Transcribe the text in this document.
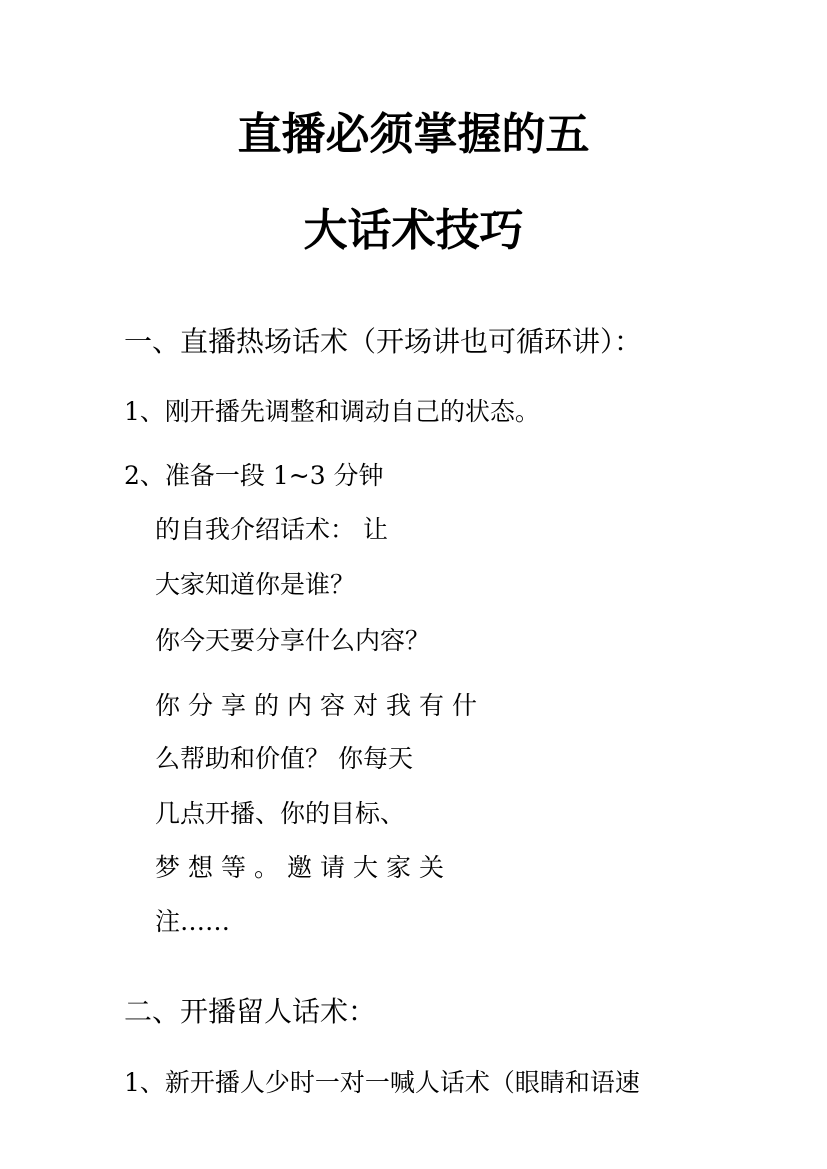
直播必须掌握的五
大话术技巧
一、直播热场话术（开场讲也可循环讲）：
1、刚开播先调整和调动自己的状态。
2、准备一段 1~3 分钟
的自我介绍话术： 让
大家知道你是谁？
你今天要分享什么内容？
你分享的内容对我有什
么帮助和价值？ 你每天
几点开播、你的目标、
梦想等。邀请大家关
注……
二、开播留人话术：
1、新开播人少时一对一喊人话术（眼睛和语速
